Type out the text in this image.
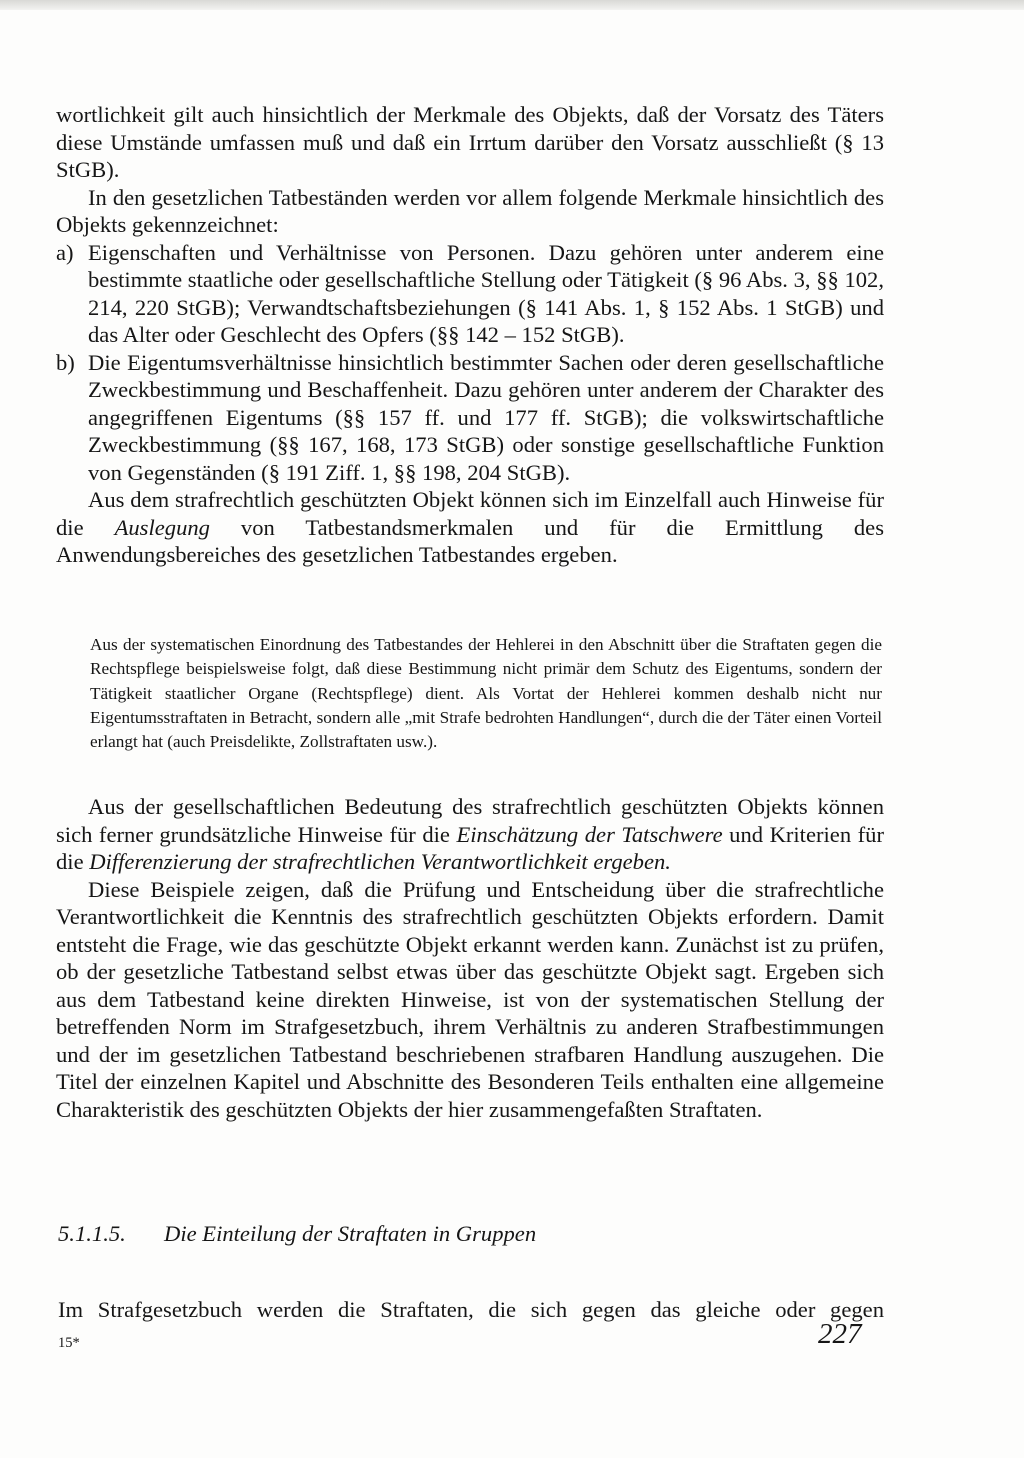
wortlichkeit gilt auch hinsichtlich der Merkmale des Objekts, daß der Vorsatz des Täters diese Umstände umfassen muß und daß ein Irrtum darüber den Vorsatz ausschließt (§ 13 StGB).

In den gesetzlichen Tatbeständen werden vor allem folgende Merkmale hinsichtlich des Objekts gekennzeichnet:

a) Eigenschaften und Verhältnisse von Personen. Dazu gehören unter anderem eine bestimmte staatliche oder gesellschaftliche Stellung oder Tätigkeit (§ 96 Abs. 3, §§ 102, 214, 220 StGB); Verwandtschaftsbeziehungen (§ 141 Abs. 1, § 152 Abs. 1 StGB) und das Alter oder Geschlecht des Opfers (§§ 142 – 152 StGB).
b) Die Eigentumsverhältnisse hinsichtlich bestimmter Sachen oder deren gesellschaftliche Zweckbestimmung und Beschaffenheit. Dazu gehören unter anderem der Charakter des angegriffenen Eigentums (§§ 157 ff. und 177 ff. StGB); die volkswirtschaftliche Zweckbestimmung (§§ 167, 168, 173 StGB) oder sonstige gesellschaftliche Funktion von Gegenständen (§ 191 Ziff. 1, §§ 198, 204 StGB).

Aus dem strafrechtlich geschützten Objekt können sich im Einzelfall auch Hinweise für die Auslegung von Tatbestandsmerkmalen und für die Ermittlung des Anwendungsbereiches des gesetzlichen Tatbestandes ergeben.

Aus der systematischen Einordnung des Tatbestandes der Hehlerei in den Abschnitt über die Straftaten gegen die Rechtspflege beispielsweise folgt, daß diese Bestimmung nicht primär dem Schutz des Eigentums, sondern der Tätigkeit staatlicher Organe (Rechtspflege) dient. Als Vortat der Hehlerei kommen deshalb nicht nur Eigentumsstraftaten in Betracht, sondern alle „mit Strafe bedrohten Handlungen“, durch die der Täter einen Vorteil erlangt hat (auch Preisdelikte, Zollstraftaten usw.).

Aus der gesellschaftlichen Bedeutung des strafrechtlich geschützten Objekts können sich ferner grundsätzliche Hinweise für die Einschätzung der Tatschwere und Kriterien für die Differenzierung der strafrechtlichen Verantwortlichkeit ergeben.

Diese Beispiele zeigen, daß die Prüfung und Entscheidung über die strafrechtliche Verantwortlichkeit die Kenntnis des strafrechtlich geschützten Objekts erfordern. Damit entsteht die Frage, wie das geschützte Objekt erkannt werden kann. Zunächst ist zu prüfen, ob der gesetzliche Tatbestand selbst etwas über das geschützte Objekt sagt. Ergeben sich aus dem Tatbestand keine direkten Hinweise, ist von der systematischen Stellung der betreffenden Norm im Strafgesetzbuch, ihrem Verhältnis zu anderen Strafbestimmungen und der im gesetzlichen Tatbestand beschriebenen strafbaren Handlung auszugehen. Die Titel der einzelnen Kapitel und Abschnitte des Besonderen Teils enthalten eine allgemeine Charakteristik des geschützten Objekts der hier zusammengefaßten Straftaten.

5.1.1.5. Die Einteilung der Straftaten in Gruppen

Im Strafgesetzbuch werden die Straftaten, die sich gegen das gleiche oder gegen

15*	227
